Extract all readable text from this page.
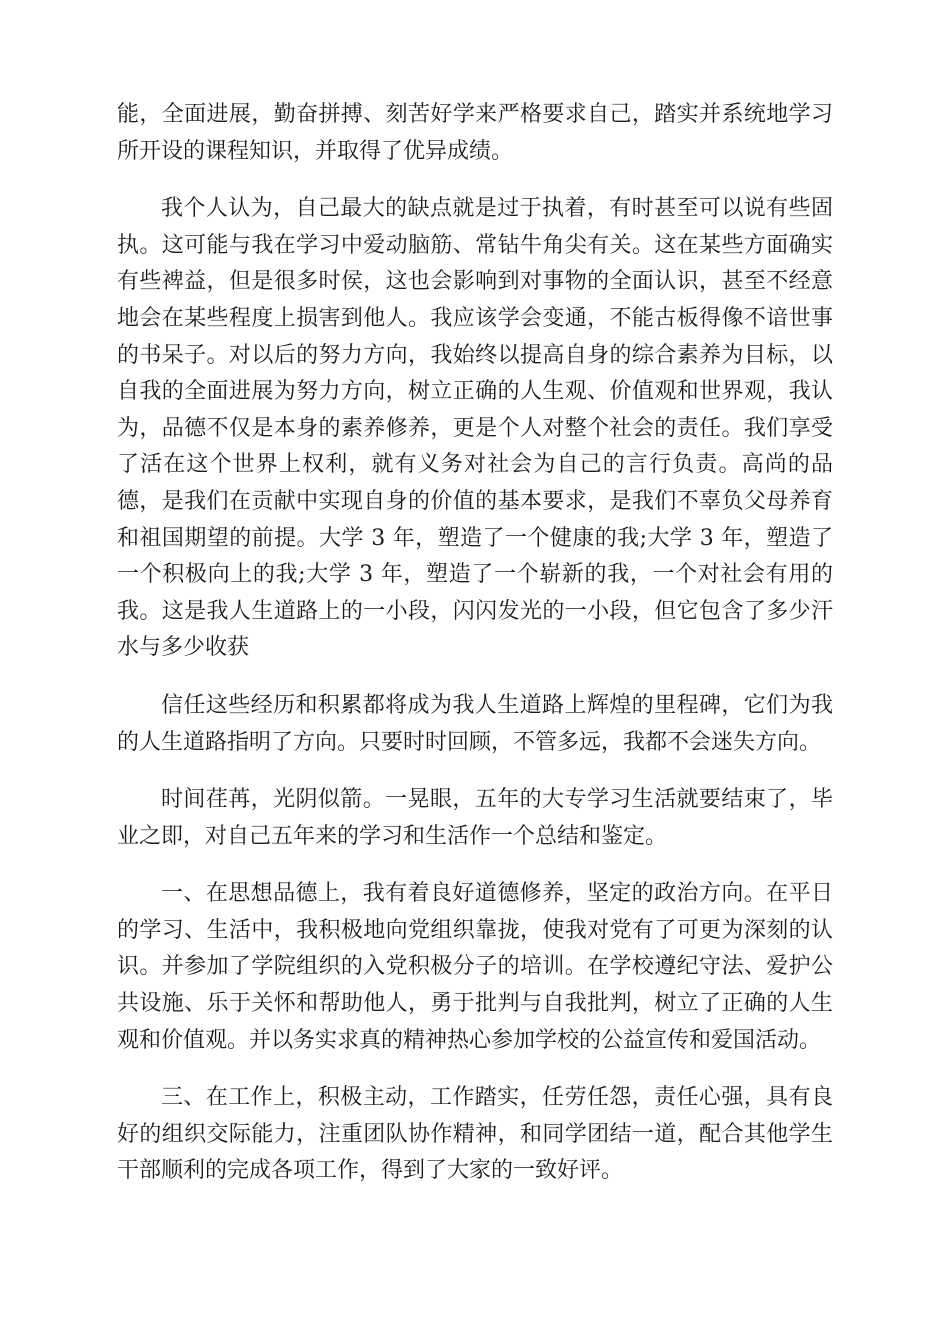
能，全面进展，勤奋拼搏、刻苦好学来严格要求自己，踏实并系统地学习所开设的课程知识，并取得了优异成绩。

我个人认为，自己最大的缺点就是过于执着，有时甚至可以说有些固执。这可能与我在学习中爱动脑筋、常钻牛角尖有关。这在某些方面确实有些裨益，但是很多时侯，这也会影响到对事物的全面认识，甚至不经意地会在某些程度上损害到他人。我应该学会变通，不能古板得像不谙世事的书呆子。对以后的努力方向，我始终以提高自身的综合素养为目标，以自我的全面进展为努力方向，树立正确的人生观、价值观和世界观，我认为，品德不仅是本身的素养修养，更是个人对整个社会的责任。我们享受了活在这个世界上权利，就有义务对社会为自己的言行负责。高尚的品德，是我们在贡献中实现自身的价值的基本要求，是我们不辜负父母养育和祖国期望的前提。大学 3 年，塑造了一个健康的我;大学 3 年，塑造了一个积极向上的我;大学 3 年，塑造了一个崭新的我，一个对社会有用的我。这是我人生道路上的一小段，闪闪发光的一小段，但它包含了多少汗水与多少收获

信任这些经历和积累都将成为我人生道路上辉煌的里程碑，它们为我的人生道路指明了方向。只要时时回顾，不管多远，我都不会迷失方向。

时间荏苒，光阴似箭。一晃眼，五年的大专学习生活就要结束了，毕业之即，对自己五年来的学习和生活作一个总结和鉴定。

一、在思想品德上，我有着良好道德修养，坚定的政治方向。在平日的学习、生活中，我积极地向党组织靠拢，使我对党有了可更为深刻的认识。并参加了学院组织的入党积极分子的培训。在学校遵纪守法、爱护公共设施、乐于关怀和帮助他人，勇于批判与自我批判，树立了正确的人生观和价值观。并以务实求真的精神热心参加学校的公益宣传和爱国活动。

三、在工作上，积极主动，工作踏实，任劳任怨，责任心强，具有良好的组织交际能力，注重团队协作精神，和同学团结一道，配合其他学生干部顺利的完成各项工作，得到了大家的一致好评。
